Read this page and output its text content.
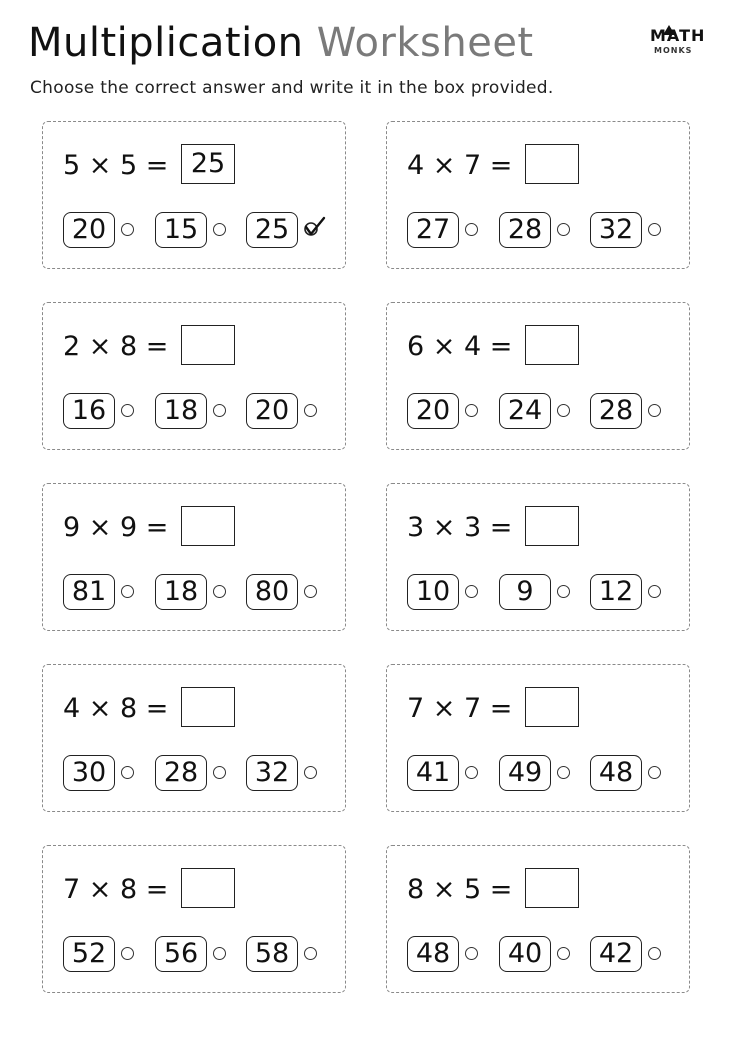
Multiplication Worksheet
Choose the correct answer and write it in the box provided.
MATH
MONKS
5 × 5 = 25
20	15	25
4 × 7 =
27	28	32
2 × 8 =
16	18	20
6 × 4 =
20	24	28
9 × 9 =
81	18	80
3 × 3 =
10	9	12
4 × 8 =
30	28	32
7 × 7 =
41	49	48
7 × 8 =
52	56	58
8 × 5 =
48	40	42
